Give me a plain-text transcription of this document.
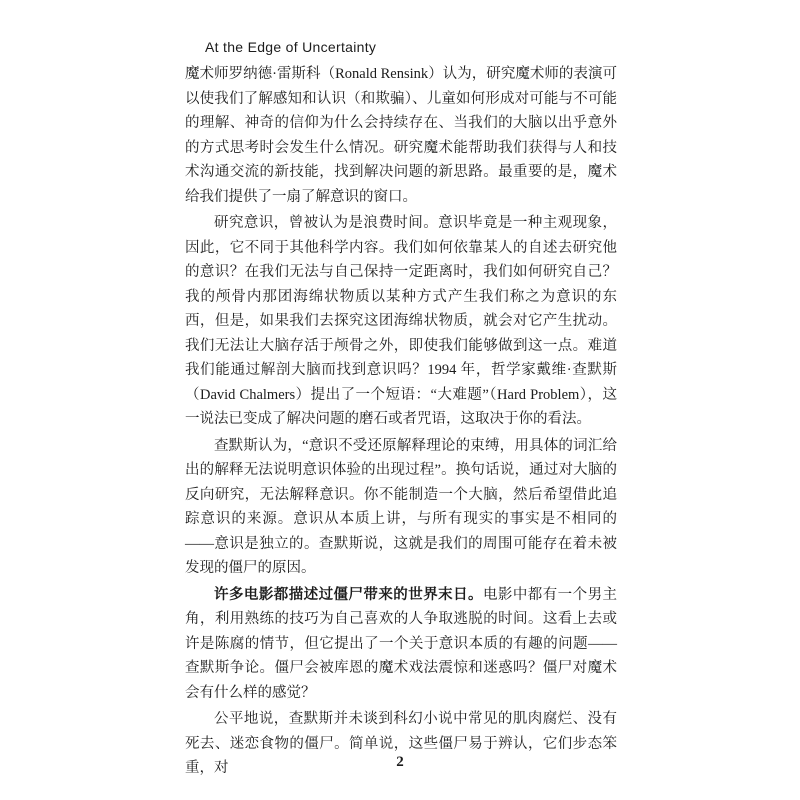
At the Edge of Uncertainty

魔术师罗纳德·雷斯科（Ronald Rensink）认为，研究魔术师的表演可以使我们了解感知和认识（和欺骗）、儿童如何形成对可能与不可能的理解、神奇的信仰为什么会持续存在、当我们的大脑以出乎意外的方式思考时会发生什么情况。研究魔术能帮助我们获得与人和技术沟通交流的新技能，找到解决问题的新思路。最重要的是，魔术给我们提供了一扇了解意识的窗口。

研究意识，曾被认为是浪费时间。意识毕竟是一种主观现象，因此，它不同于其他科学内容。我们如何依靠某人的自述去研究他的意识？在我们无法与自己保持一定距离时，我们如何研究自己？我的颅骨内那团海绵状物质以某种方式产生我们称之为意识的东西，但是，如果我们去探究这团海绵状物质，就会对它产生扰动。我们无法让大脑存活于颅骨之外，即使我们能够做到这一点。难道我们能通过解剖大脑而找到意识吗？1994 年，哲学家戴维·查默斯（David Chalmers）提出了一个短语：“大难题”（Hard Problem），这一说法已变成了解决问题的磨石或者咒语，这取决于你的看法。

查默斯认为，“意识不受还原解释理论的束缚，用具体的词汇给出的解释无法说明意识体验的出现过程”。换句话说，通过对大脑的反向研究，无法解释意识。你不能制造一个大脑，然后希望借此追踪意识的来源。意识从本质上讲，与所有现实的事实是不相同的——意识是独立的。查默斯说，这就是我们的周围可能存在着未被发现的僵尸的原因。

许多电影都描述过僵尸带来的世界末日。电影中都有一个男主角，利用熟练的技巧为自己喜欢的人争取逃脱的时间。这看上去或许是陈腐的情节，但它提出了一个关于意识本质的有趣的问题——查默斯争论。僵尸会被库恩的魔术戏法震惊和迷惑吗？僵尸对魔术会有什么样的感觉？

公平地说，查默斯并未谈到科幻小说中常见的肌肉腐烂、没有死去、迷恋食物的僵尸。简单说，这些僵尸易于辨认，它们步态笨重，对	2
